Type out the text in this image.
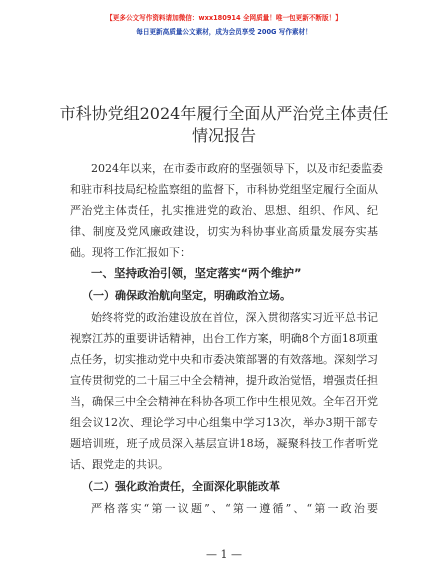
【更多公文写作资料请加微信：wxx180914 全网质量！唯一包更新不断版！】
每日更新高质量公文素材，成为会员享受 200G 写作素材！
市科协党组2024年履行全面从严治党主体责任
情况报告
2024年以来，在市委市政府的坚强领导下，以及市纪委监委
和驻市科技局纪检监察组的监督下，市科协党组坚定履行全面从
严治党主体责任，扎实推进党的政治、思想、组织、作风、纪
律、制度及党风廉政建设，切实为科协事业高质量发展夯实基
础。现将工作汇报如下：
一、坚持政治引领，坚定落实“两个维护”
（一）确保政治航向坚定，明确政治立场。
始终将党的政治建设放在首位，深入贯彻落实习近平总书记
视察江苏的重要讲话精神，出台工作方案，明确8个方面18项重
点任务，切实推动党中央和市委决策部署的有效落地。深刻学习
宣传贯彻党的二十届三中全会精神，提升政治觉悟，增强责任担
当，确保三中全会精神在科协各项工作中生根见效。全年召开党
组会议12次、理论学习中心组集中学习13次，举办3期干部专
题培训班，班子成员深入基层宣讲18场，凝聚科技工作者听党
话、跟党走的共识。
（二）强化政治责任，全面深化职能改革
严格落实“第一议题”、“第一遵循”、“第一政治要
— 1 —
